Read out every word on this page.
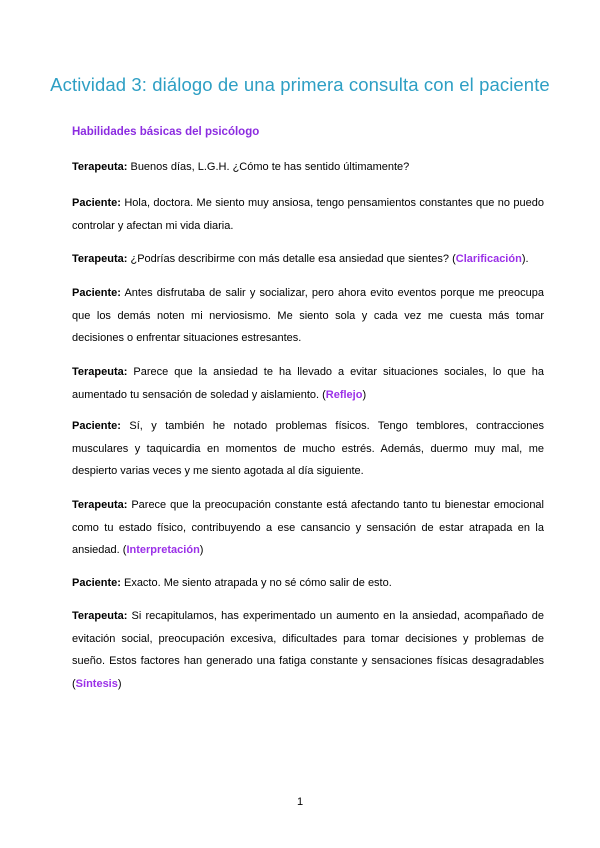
Actividad 3: diálogo de una primera consulta con el paciente
Habilidades básicas del psicólogo

Terapeuta: Buenos días, L.G.H. ¿Cómo te has sentido últimamente?

Paciente: Hola, doctora. Me siento muy ansiosa, tengo pensamientos constantes que no puedo controlar y afectan mi vida diaria.

Terapeuta: ¿Podrías describirme con más detalle esa ansiedad que sientes? (Clarificación).

Paciente: Antes disfrutaba de salir y socializar, pero ahora evito eventos porque me preocupa que los demás noten mi nerviosismo. Me siento sola y cada vez me cuesta más tomar decisiones o enfrentar situaciones estresantes.

Terapeuta: Parece que la ansiedad te ha llevado a evitar situaciones sociales, lo que ha aumentado tu sensación de soledad y aislamiento. (Reflejo)

Paciente: Sí, y también he notado problemas físicos. Tengo temblores, contracciones musculares y taquicardia en momentos de mucho estrés. Además, duermo muy mal, me despierto varias veces y me siento agotada al día siguiente.

Terapeuta: Parece que la preocupación constante está afectando tanto tu bienestar emocional como tu estado físico, contribuyendo a ese cansancio y sensación de estar atrapada en la ansiedad. (Interpretación)

Paciente: Exacto. Me siento atrapada y no sé cómo salir de esto.

Terapeuta: Si recapitulamos, has experimentado un aumento en la ansiedad, acompañado de evitación social, preocupación excesiva, dificultades para tomar decisiones y problemas de sueño. Estos factores han generado una fatiga constante y sensaciones físicas desagradables (Síntesis)

1
